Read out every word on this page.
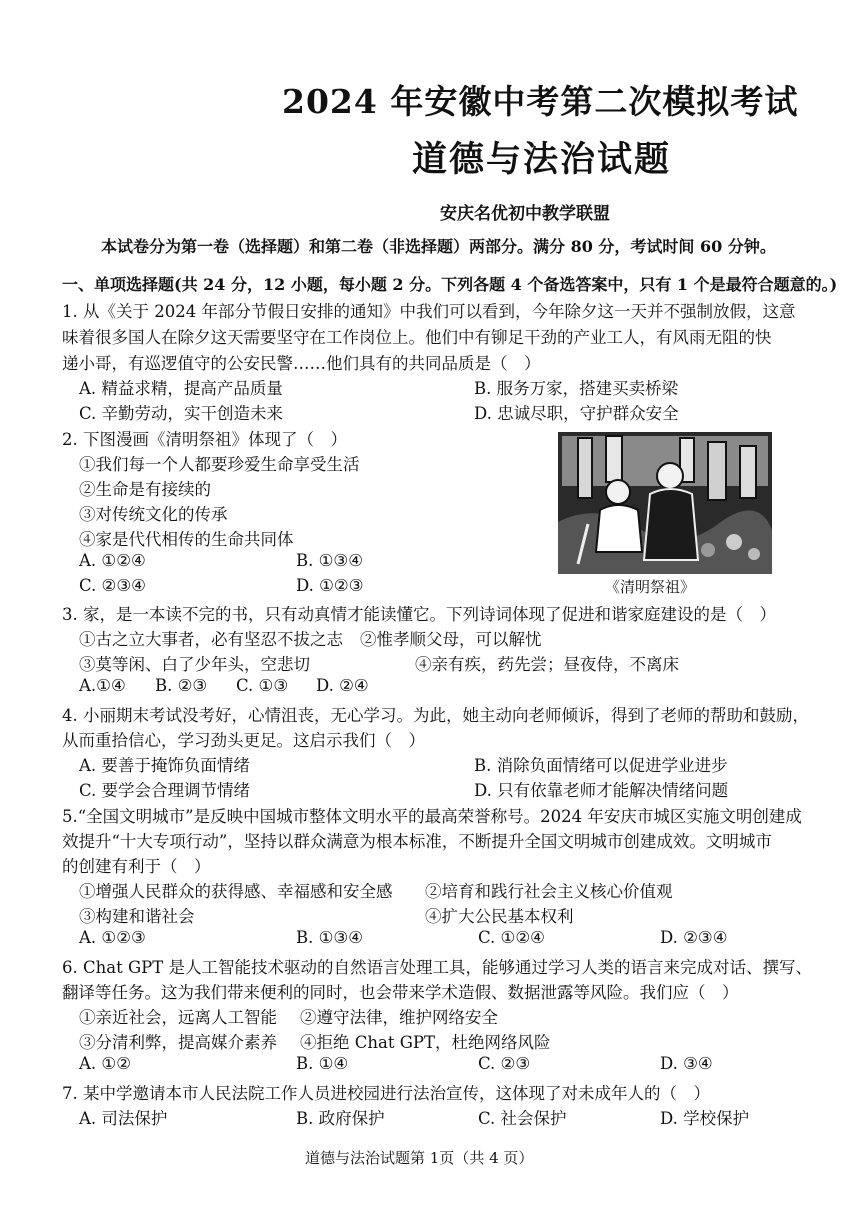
2024 年安徽中考第二次模拟考试
道德与法治试题
安庆名优初中教学联盟
本试卷分为第一卷（选择题）和第二卷（非选择题）两部分。满分 80 分，考试时间 60 分钟。
一、单项选择题(共 24 分，12 小题，每小题 2 分。下列各题 4 个备选答案中，只有 1 个是最符合题意的。)
1. 从《关于 2024 年部分节假日安排的通知》中我们可以看到，今年除夕这一天并不强制放假，这意
味着很多国人在除夕这天需要坚守在工作岗位上。他们中有铆足干劲的产业工人，有风雨无阻的快
递小哥，有巡逻值守的公安民警……他们具有的共同品质是（　）
A. 精益求精，提高产品质量	B. 服务万家，搭建买卖桥梁
C. 辛勤劳动，实干创造未来	D. 忠诚尽职，守护群众安全
2. 下图漫画《清明祭祖》体现了（　）
①我们每一个人都要珍爱生命享受生活
②生命是有接续的
③对传统文化的传承
④家是代代相传的生命共同体
A. ①②④	B. ①③④
C. ②③④	D. ①②③	《清明祭祖》
3. 家，是一本读不完的书，只有动真情才能读懂它。下列诗词体现了促进和谐家庭建设的是（　）
①古之立大事者，必有坚忍不拔之志 ②惟孝顺父母，可以解忧
③莫等闲、白了少年头，空悲切	④亲有疾，药先尝；昼夜侍，不离床
A.①④ B. ②③ C. ①③ D. ②④
4. 小丽期末考试没考好，心情沮丧，无心学习。为此，她主动向老师倾诉，得到了老师的帮助和鼓励，
从而重拾信心，学习劲头更足。这启示我们（　）
A. 要善于掩饰负面情绪	B. 消除负面情绪可以促进学业进步
C. 要学会合理调节情绪	D. 只有依靠老师才能解决情绪问题
5.“全国文明城市”是反映中国城市整体文明水平的最高荣誉称号。2024 年安庆市城区实施文明创建成
效提升“十大专项行动”，坚持以群众满意为根本标准，不断提升全国文明城市创建成效。文明城市
的创建有利于（　）
①增强人民群众的获得感、幸福感和安全感 ②培育和践行社会主义核心价值观
③构建和谐社会	④扩大公民基本权利
A. ①②③	B. ①③④	C. ①②④	D. ②③④
6. Chat GPT 是人工智能技术驱动的自然语言处理工具，能够通过学习人类的语言来完成对话、撰写、
翻译等任务。这为我们带来便利的同时，也会带来学术造假、数据泄露等风险。我们应（　）
①亲近社会，远离人工智能 ②遵守法律，维护网络安全
③分清利弊，提高媒介素养 ④拒绝 Chat GPT，杜绝网络风险
A. ①②	B. ①④	C. ②③	D. ③④
7. 某中学邀请本市人民法院工作人员进校园进行法治宣传，这体现了对未成年人的（　）
A. 司法保护	B. 政府保护	C. 社会保护	D. 学校保护
道德与法治试题第 1页（共 4 页）
